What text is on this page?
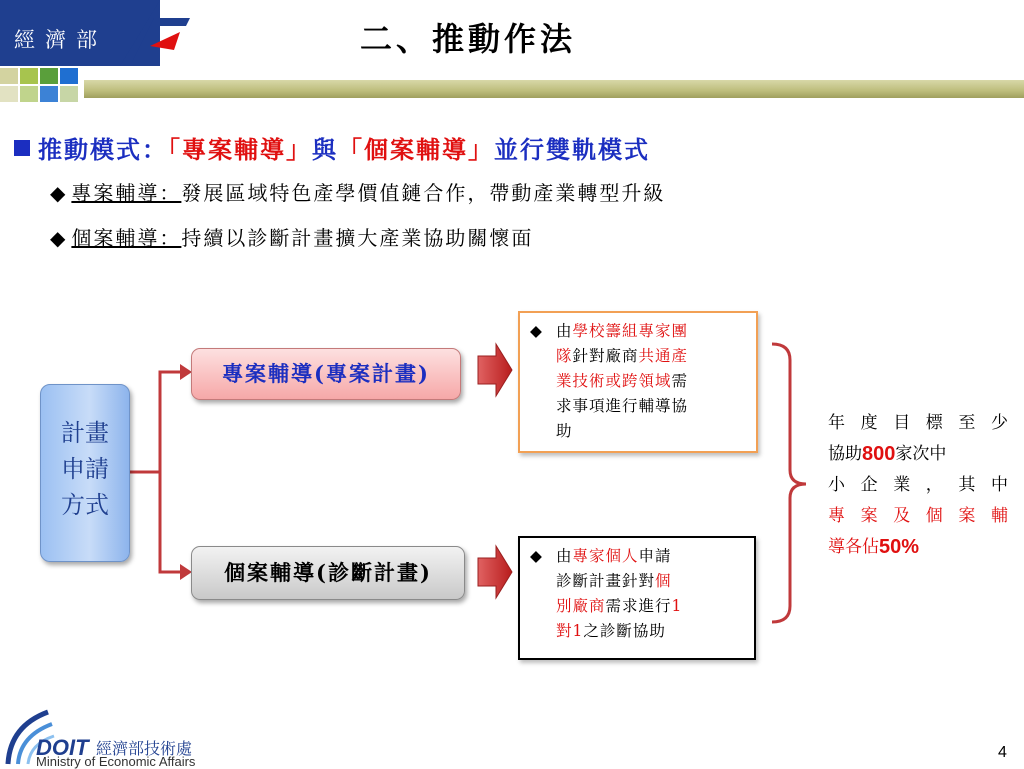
經濟部	二、推動作法
推動模式：「專案輔導」與「個案輔導」並行雙軌模式
◆ 專案輔導：發展區域特色產學價值鏈合作，帶動產業轉型升級
◆ 個案輔導：持續以診斷計畫擴大產業協助關懷面
計畫
申請
方式
專案輔導(專案計畫)
個案輔導(診斷計畫)
◆ 由學校籌組專家團
隊針對廠商共通產
業技術或跨領域需
求事項進行輔導協
助
◆ 由專家個人申請
診斷計畫針對個
別廠商需求進行1
對1之診斷協助
年 度 目 標 至 少
協助 800 家次中
小 企 業 ， 其 中
專 案 及 個 案 輔
導各佔 50%
DOIT 經濟部技術處
Ministry of Economic Affairs
4
